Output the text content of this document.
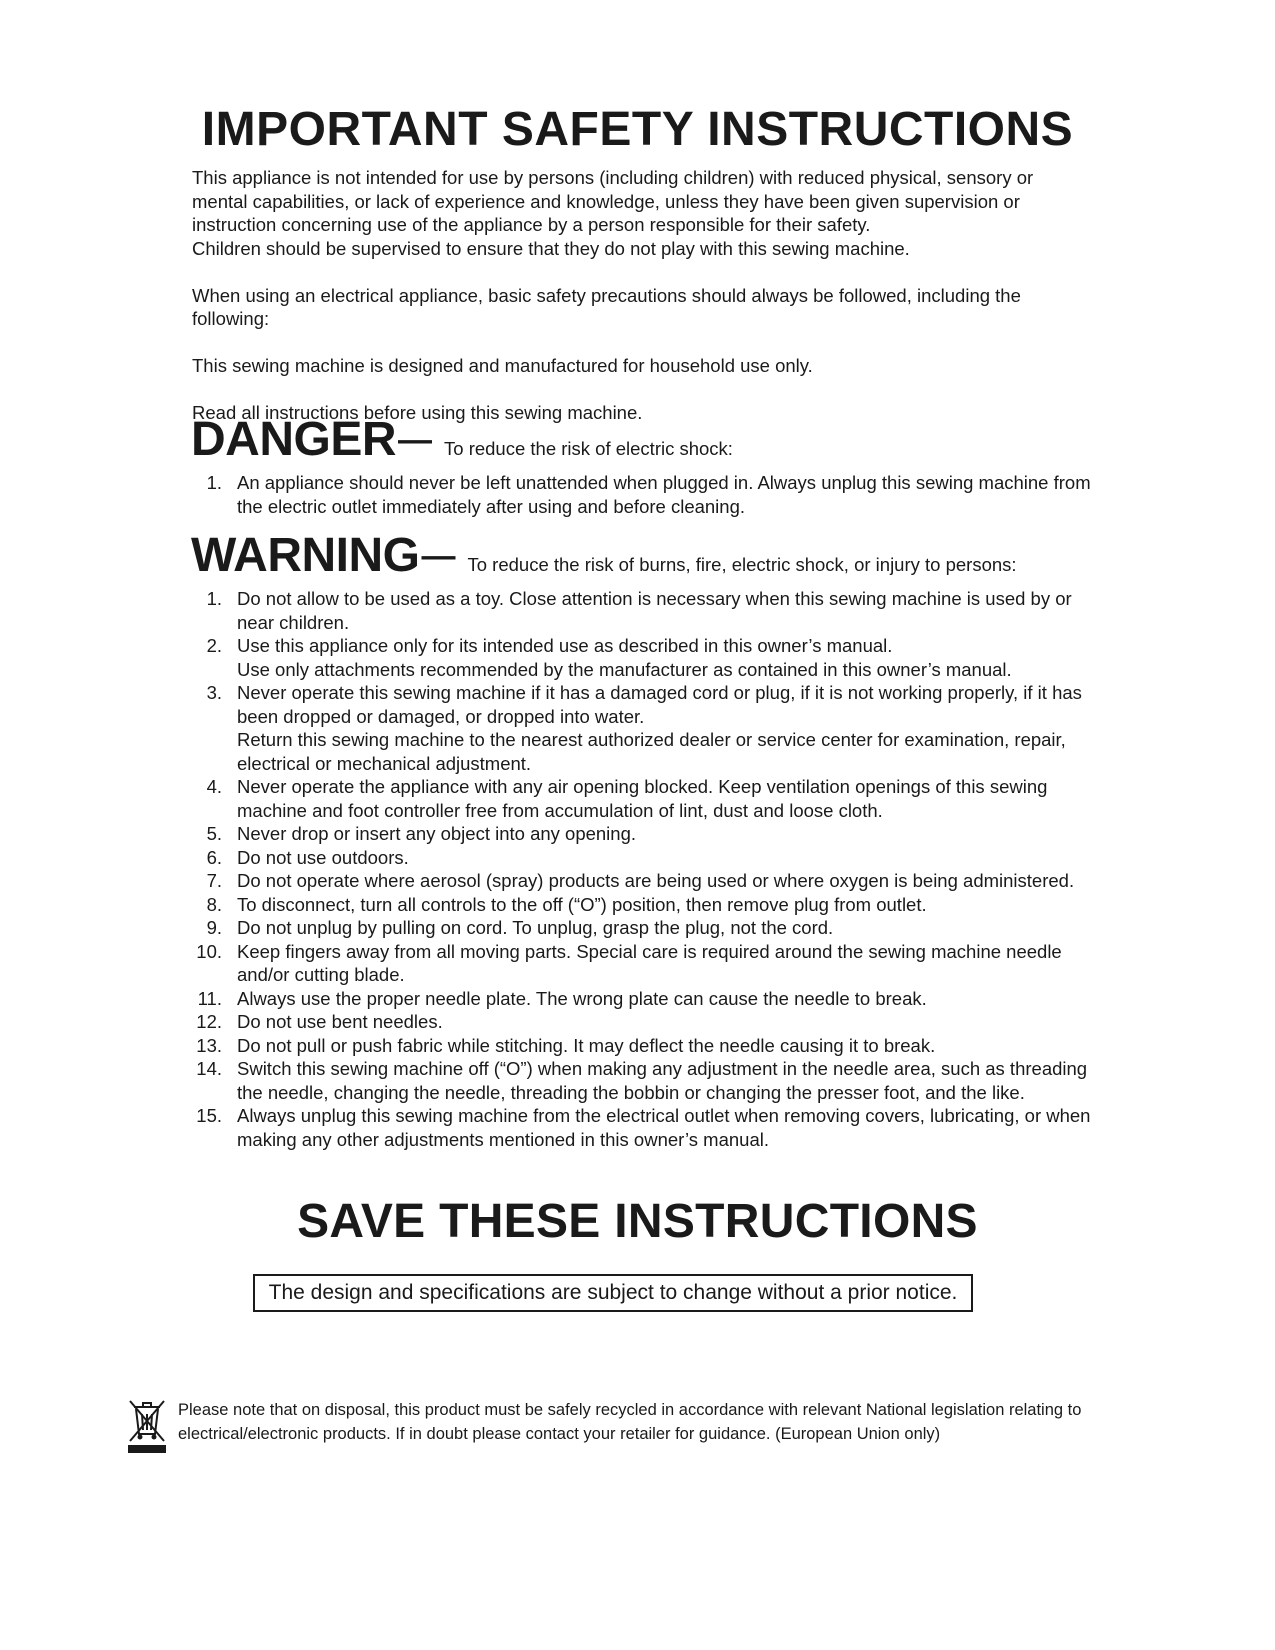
IMPORTANT SAFETY INSTRUCTIONS

This appliance is not intended for use by persons (including children) with reduced physical, sensory or mental capabilities, or lack of experience and knowledge, unless they have been given supervision or instruction concerning use of the appliance by a person responsible for their safety.

Children should be supervised to ensure that they do not play with this sewing machine.

When using an electrical appliance, basic safety precautions should always be followed, including the following:

This sewing machine is designed and manufactured for household use only.

Read all instructions before using this sewing machine.

DANGER— To reduce the risk of electric shock:
1. An appliance should never be left unattended when plugged in. Always unplug this sewing machine from the electric outlet immediately after using and before cleaning.
WARNING— To reduce the risk of burns, fire, electric shock, or injury to persons:
1. Do not allow to be used as a toy. Close attention is necessary when this sewing machine is used by or near children.
2. Use this appliance only for its intended use as described in this owner’s manual.
Use only attachments recommended by the manufacturer as contained in this owner’s manual.
3. Never operate this sewing machine if it has a damaged cord or plug, if it is not working properly, if it has been dropped or damaged, or dropped into water.
Return this sewing machine to the nearest authorized dealer or service center for examination, repair, electrical or mechanical adjustment.
4. Never operate the appliance with any air opening blocked. Keep ventilation openings of this sewing machine and foot controller free from accumulation of lint, dust and loose cloth.
5. Never drop or insert any object into any opening.
6. Do not use outdoors.
7. Do not operate where aerosol (spray) products are being used or where oxygen is being administered.
8. To disconnect, turn all controls to the off (“O”) position, then remove plug from outlet.
9. Do not unplug by pulling on cord. To unplug, grasp the plug, not the cord.
10. Keep fingers away from all moving parts. Special care is required around the sewing machine needle and/or cutting blade.
11. Always use the proper needle plate. The wrong plate can cause the needle to break.
12. Do not use bent needles.
13. Do not pull or push fabric while stitching. It may deflect the needle causing it to break.
14. Switch this sewing machine off (“O”) when making any adjustment in the needle area, such as threading the needle, changing the needle, threading the bobbin or changing the presser foot, and the like.
15. Always unplug this sewing machine from the electrical outlet when removing covers, lubricating, or when making any other adjustments mentioned in this owner’s manual.
SAVE THESE INSTRUCTIONS
The design and specifications are subject to change without a prior notice.
Please note that on disposal, this product must be safely recycled in accordance with relevant National legislation relating to electrical/electronic products. If in doubt please contact your retailer for guidance. (European Union only)
